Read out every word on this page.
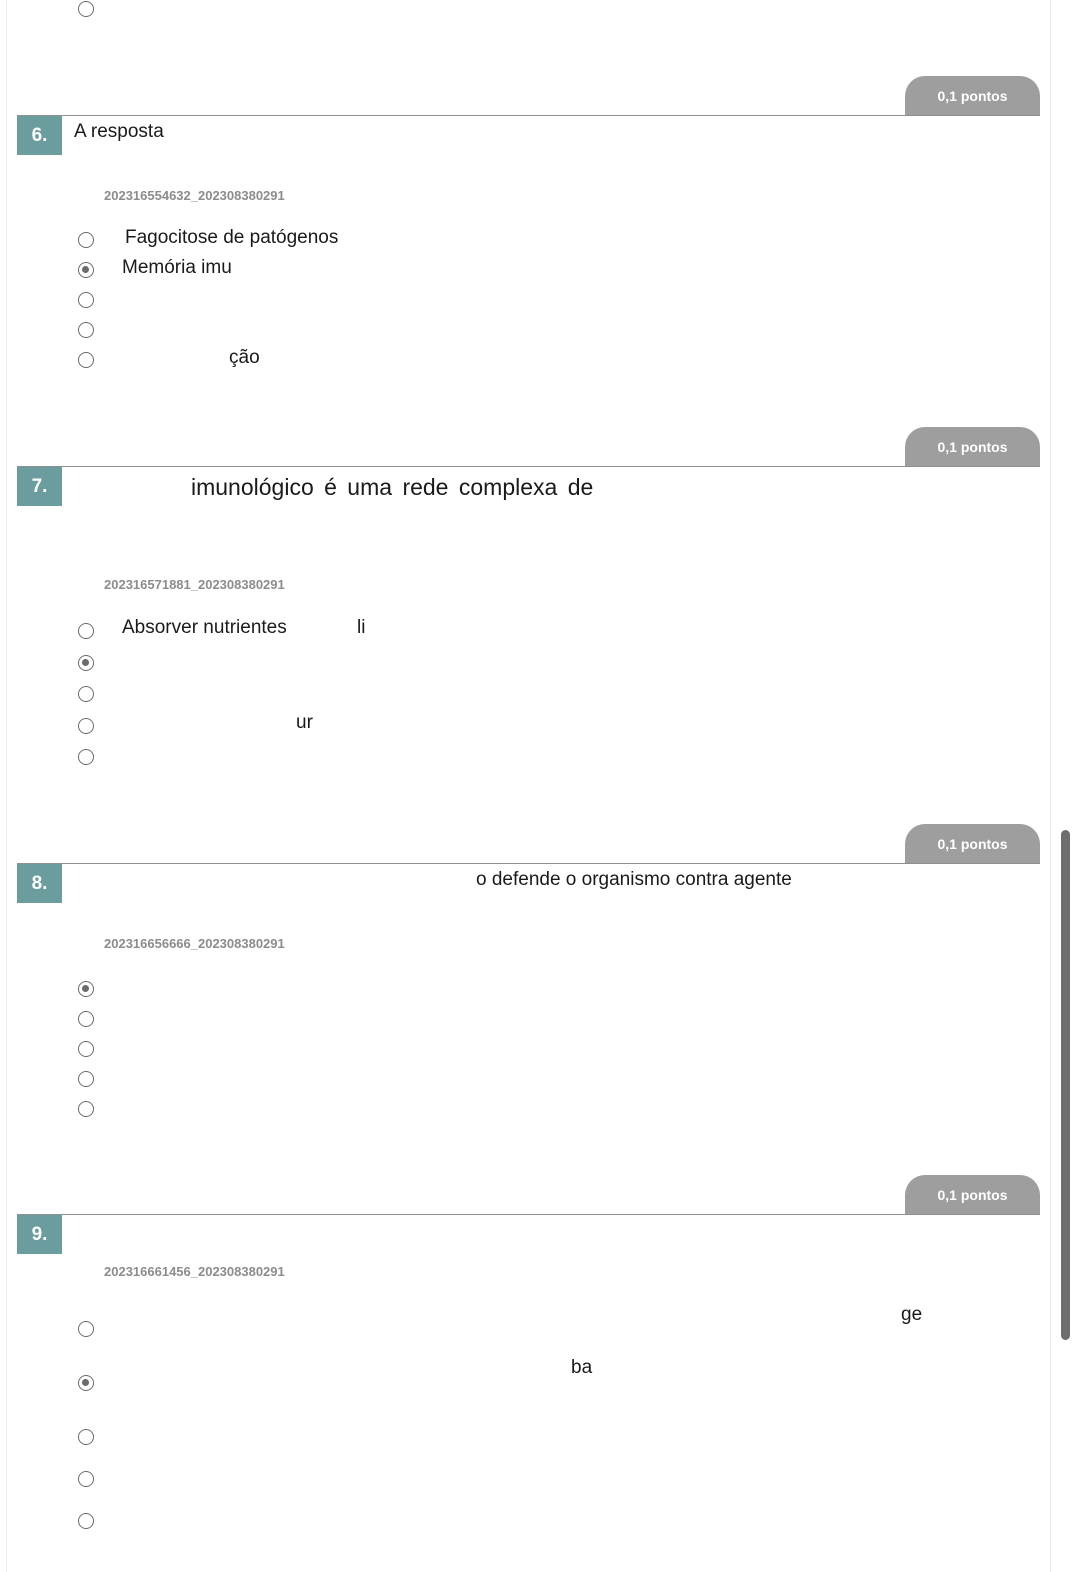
0,1 pontos
6.	A resposta
202316554632_202308380291
Fagocitose de patógenos
Memória imu
ção
0,1 pontos
7.	imunológico é uma rede complexa de
202316571881_202308380291
Absorver nutrientes	li
ur
0,1 pontos
8.	o defende o organismo contra agente
202316656666_202308380291
0,1 pontos
9.
202316661456_202308380291
ge
ba
